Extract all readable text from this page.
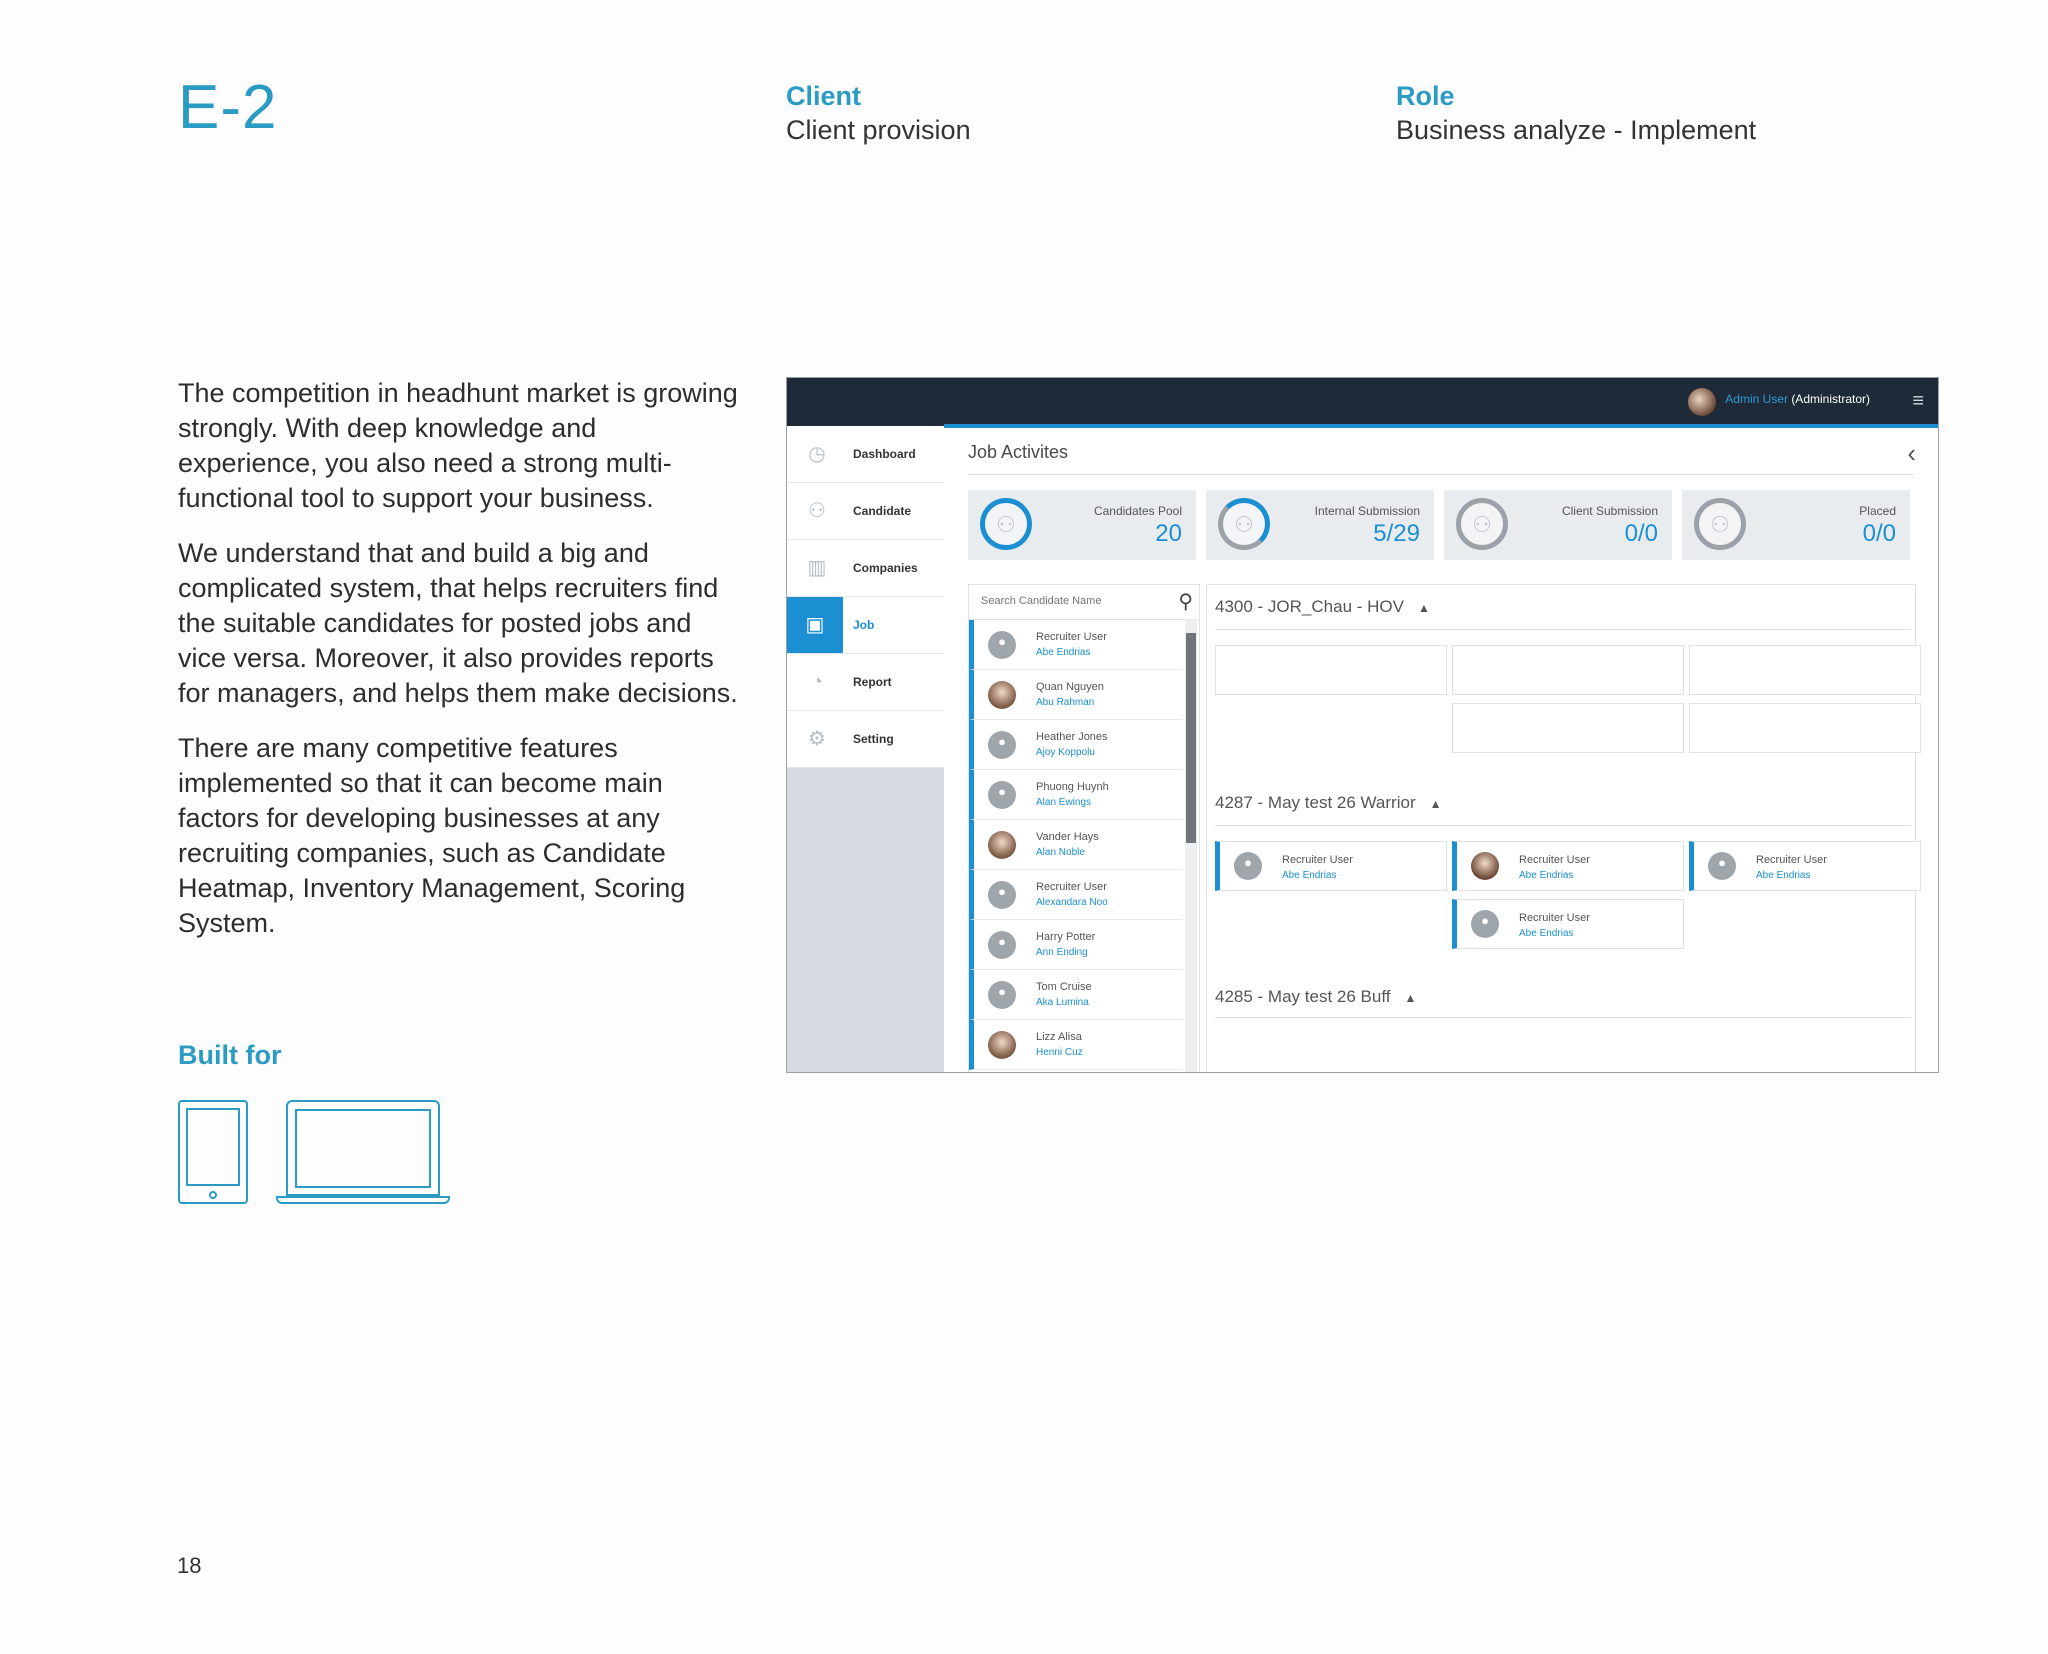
E-2	Client
Client provision
Role
Business analyze - Implement

The competition in headhunt market is growing strongly. With deep knowledge and experience, you also need a strong multi-functional tool to support your business.

We understand that and build a big and complicated system, that helps recruiters find the suitable candidates for posted jobs and vice versa. Moreover, it also provides reports for managers, and helps them make decisions.

There are many competitive features implemented so that it can become main factors for developing businesses at any recruiting companies, such as Candidate Heatmap, Inventory Management, Scoring System.

Built for
18
Admin User (Administrator) ≡
◷	Dashboard
⚇	Candidate
▥	Companies
▣	Job
◔	Report
⚙	Setting
Job Activites	‹
⚇
Candidates Pool
20
⚇
Internal Submission
5/29
⚇
Client Submission
0/0
⚇
Placed
0/0
Search Candidate Name
⚲
●
Recruiter User
Abe Endrias
Quan Nguyen
Abu Rahman
●
Heather Jones
Ajoy Koppolu
●
Phuong Huynh
Alan Ewings
Vander Hays
Alan Noble
●
Recruiter User
Alexandara Noo
●
Harry Potter
Ann Ending
●
Tom Cruise
Aka Lumina
Lizz Alisa
Henni Cuz
4300 - JOR_Chau - HOV ▲
4287 - May test 26 Warrior ▲
●
Recruiter User
Abe Endrias
Recruiter User
Abe Endrias
●
Recruiter User
Abe Endrias
●
Recruiter User
Abe Endrias
4285 - May test 26 Buff ▲
